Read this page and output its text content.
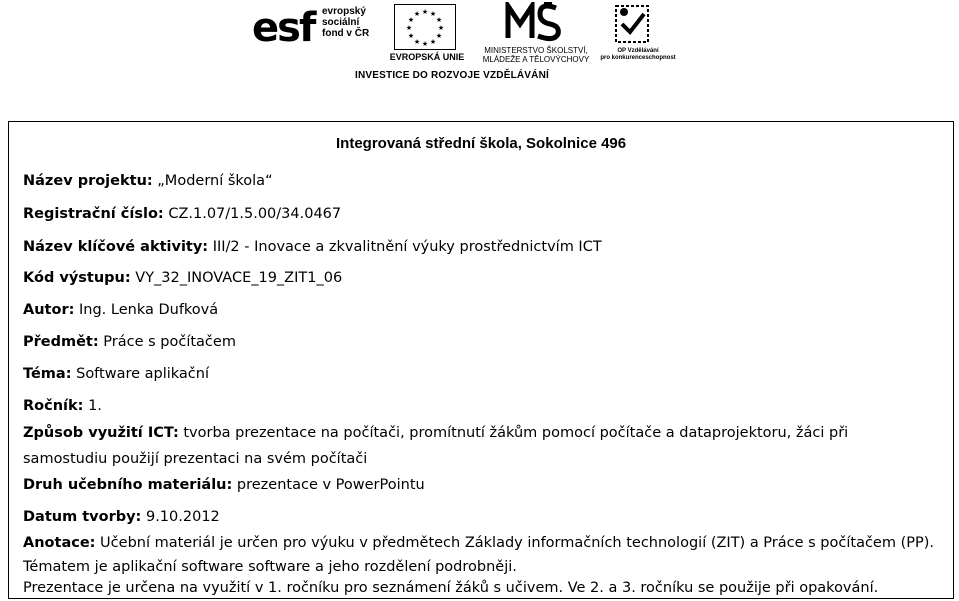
esf evropský
sociální
fond v ČR
★ ★
★
★
★
★
★
★
★
★
★
★
EVROPSKÁ UNIE
MINISTERSTVO ŠKOLSTVÍ,
MLÁDEŽE A TĚLOVÝCHOVY
OP Vzdělávání
pro konkurenceschopnost
INVESTICE DO ROZVOJE VZDĚLÁVÁNÍ
Integrovaná střední škola, Sokolnice 496
Název projektu: „Moderní škola“
Registrační číslo: CZ.1.07/1.5.00/34.0467
Název klíčové aktivity: III/2 - Inovace a zkvalitnění výuky prostřednictvím ICT
Kód výstupu: VY_32_INOVACE_19_ZIT1_06
Autor: Ing. Lenka Dufková
Předmět: Práce s počítačem
Téma: Software aplikační
Ročník: 1.
Způsob využití ICT: tvorba prezentace na počítači, promítnutí žákům pomocí počítače a dataprojektoru, žáci při
samostudiu použijí prezentaci na svém počítači
Druh učebního materiálu: prezentace v PowerPointu
Datum tvorby: 9.10.2012
Anotace: Učební materiál je určen pro výuku v předmětech Základy informačních technologií (ZIT) a Práce s počítačem (PP).
Tématem je aplikační software software a jeho rozdělení podrobněji.
Prezentace je určena na využití v 1. ročníku pro seznámení žáků s učivem. Ve 2. a 3. ročníku se použije při opakování.
